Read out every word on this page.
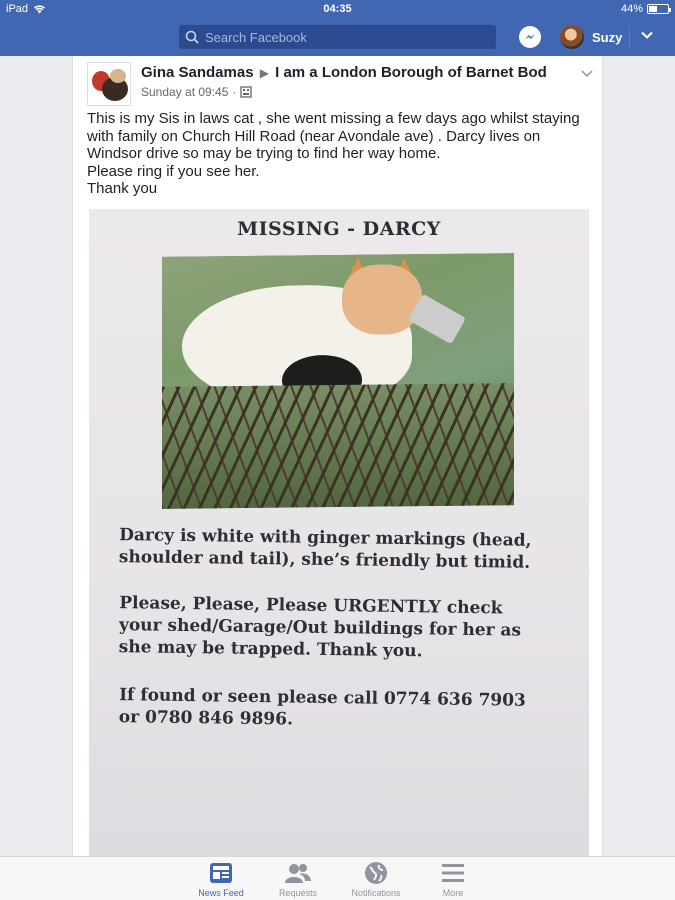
iPad	04:35	44%
Search Facebook
Suzy
Gina Sandamas ▶ I am a London Borough of Barnet Bod
Sunday at 09:45 ·

This is my Sis in laws cat , she went missing a few days ago whilst staying

with family on Church Hill Road (near Avondale ave) . Darcy lives on

Windsor drive so may be trying to find her way home.

Please ring if you see her.

Thank you

MISSING - DARCY
Darcy is white with ginger markings (head, shoulder and tail), she’s friendly but timid.
Please, Please, Please URGENTLY check your shed/Garage/Out buildings for her as she may be trapped. Thank you.
If found or seen please call 0774 636 7903 or 0780 846 9896.
News Feed	Requests	Notifications	More
